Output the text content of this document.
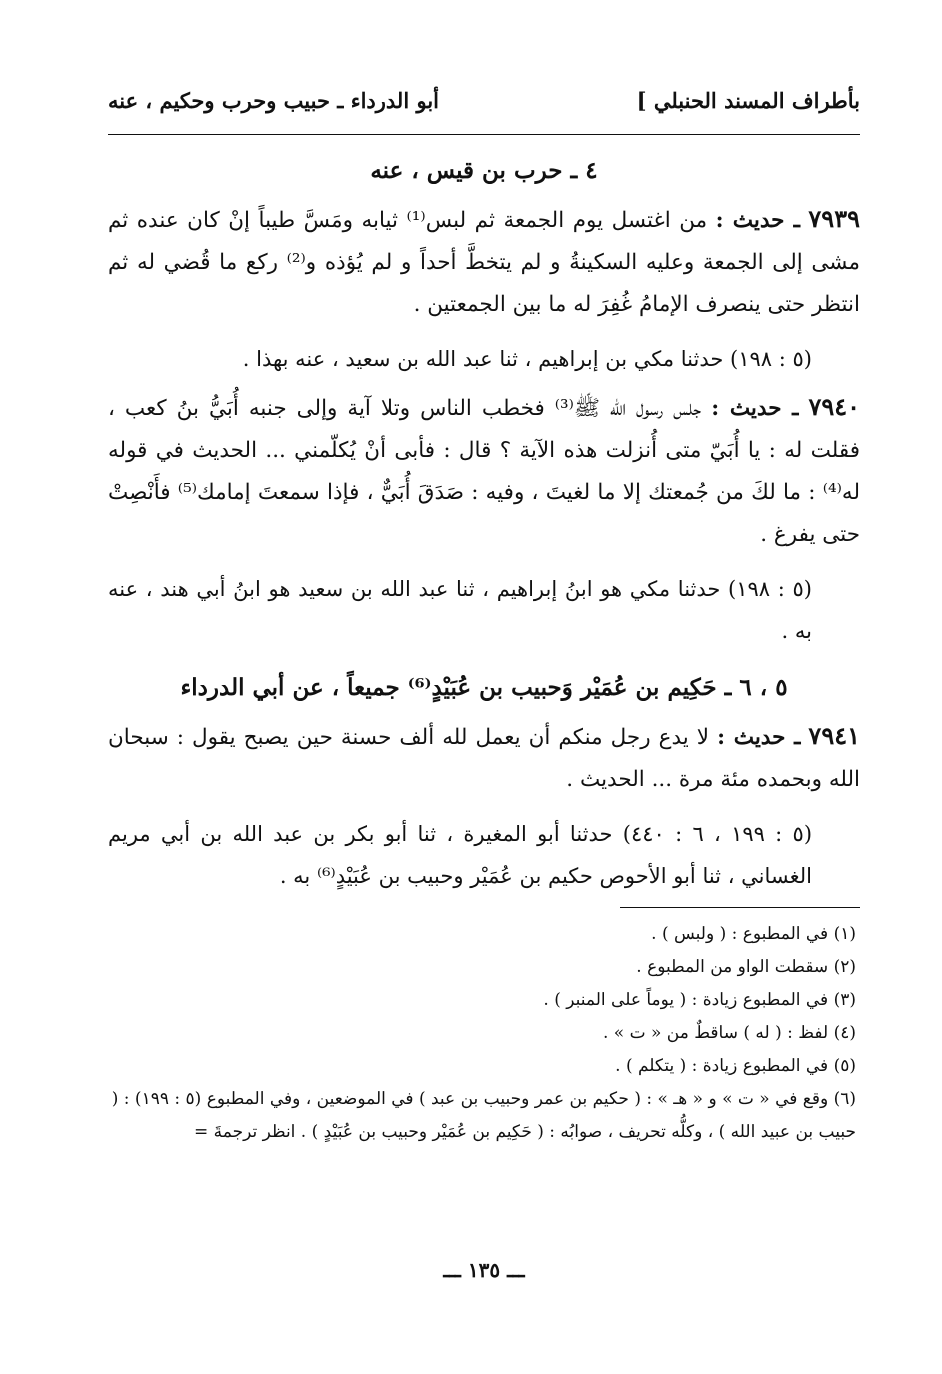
بأطراف المسند الحنبلي ]
أبو الدرداء ـ حبيب وحرب وحكيم ، عنه
٤ ـ حرب بن قيس ، عنه

٧٩٣٩ ـ حديث : من اغتسل يوم الجمعة ثم لبس⁽¹⁾ ثيابه ومَسَّ طيباً إنْ كان عنده ثم مشى إلى الجمعة وعليه السكينةُ و لم يتخطَّ أحداً و لم يُؤذه و⁽²⁾ ركع ما قُضي له ثم انتظر حتى ينصرف الإمامُ غُفِرَ له ما بين الجمعتين .

(٥ : ١٩٨) حدثنا مكي بن إبراهيم ، ثنا عبد الله بن سعيد ، عنه بهذا .

٧٩٤٠ ـ حديث : جلس رسول الله ﷺ⁽³⁾ فخطب الناس وتلا آية وإلى جنبه أُبَيُّ بنُ كعب ، فقلت له : يا أُبَيّ متى أُنزلت هذه الآية ؟ قال : فأبى أنْ يُكلّمني ... الحديث في قوله له⁽⁴⁾ : ما لكَ من جُمعتك إلا ما لغيتَ ، وفيه : صَدَقَ أُبَيٌّ ، فإذا سمعتَ إمامك⁽⁵⁾ فأَنْصِتْ حتى يفرغ .

(٥ : ١٩٨) حدثنا مكي هو ابنُ إبراهيم ، ثنا عبد الله بن سعيد هو ابنُ أبي هند ، عنه به .

٥ ، ٦ ـ حَكِيم بن عُمَيْر وَحبيب بن عُبَيْدٍ⁽⁶⁾ جميعاً ، عن أبي الدرداء

٧٩٤١ ـ حديث : لا يدع رجل منكم أن يعمل لله ألف حسنة حين يصبح يقول : سبحان الله وبحمده مئة مرة ... الحديث .

(٥ : ١٩٩ ، ٦ : ٤٤٠) حدثنا أبو المغيرة ، ثنا أبو بكر بن عبد الله بن أبي مريم الغساني ، ثنا أبو الأحوص حكيم بن عُمَيْر وحبيب بن عُبَيْدٍ⁽⁶⁾ به .

(١) في المطبوع : ( ولبس ) .

(٢) سقطت الواو من المطبوع .

(٣) في المطبوع زيادة : ( يوماً على المنبر ) .

(٤) لفظ : ( له ) ساقطٌ من « ت » .

(٥) في المطبوع زيادة : ( يتكلم ) .

(٦) وقع في « ت » و « هـ » : ( حكيم بن عمر وحبيب بن عبد ) في الموضعين ، وفي المطبوع (٥ : ١٩٩) : ( حبيب بن عبيد الله ) ، وكلُّه تحريف ، صوابُه : ( حَكِيم بن عُمَيْر وحبيب بن عُبَيْدٍ ) . انظر ترجمةَ =

ـــ ١٣٥ ـــ
